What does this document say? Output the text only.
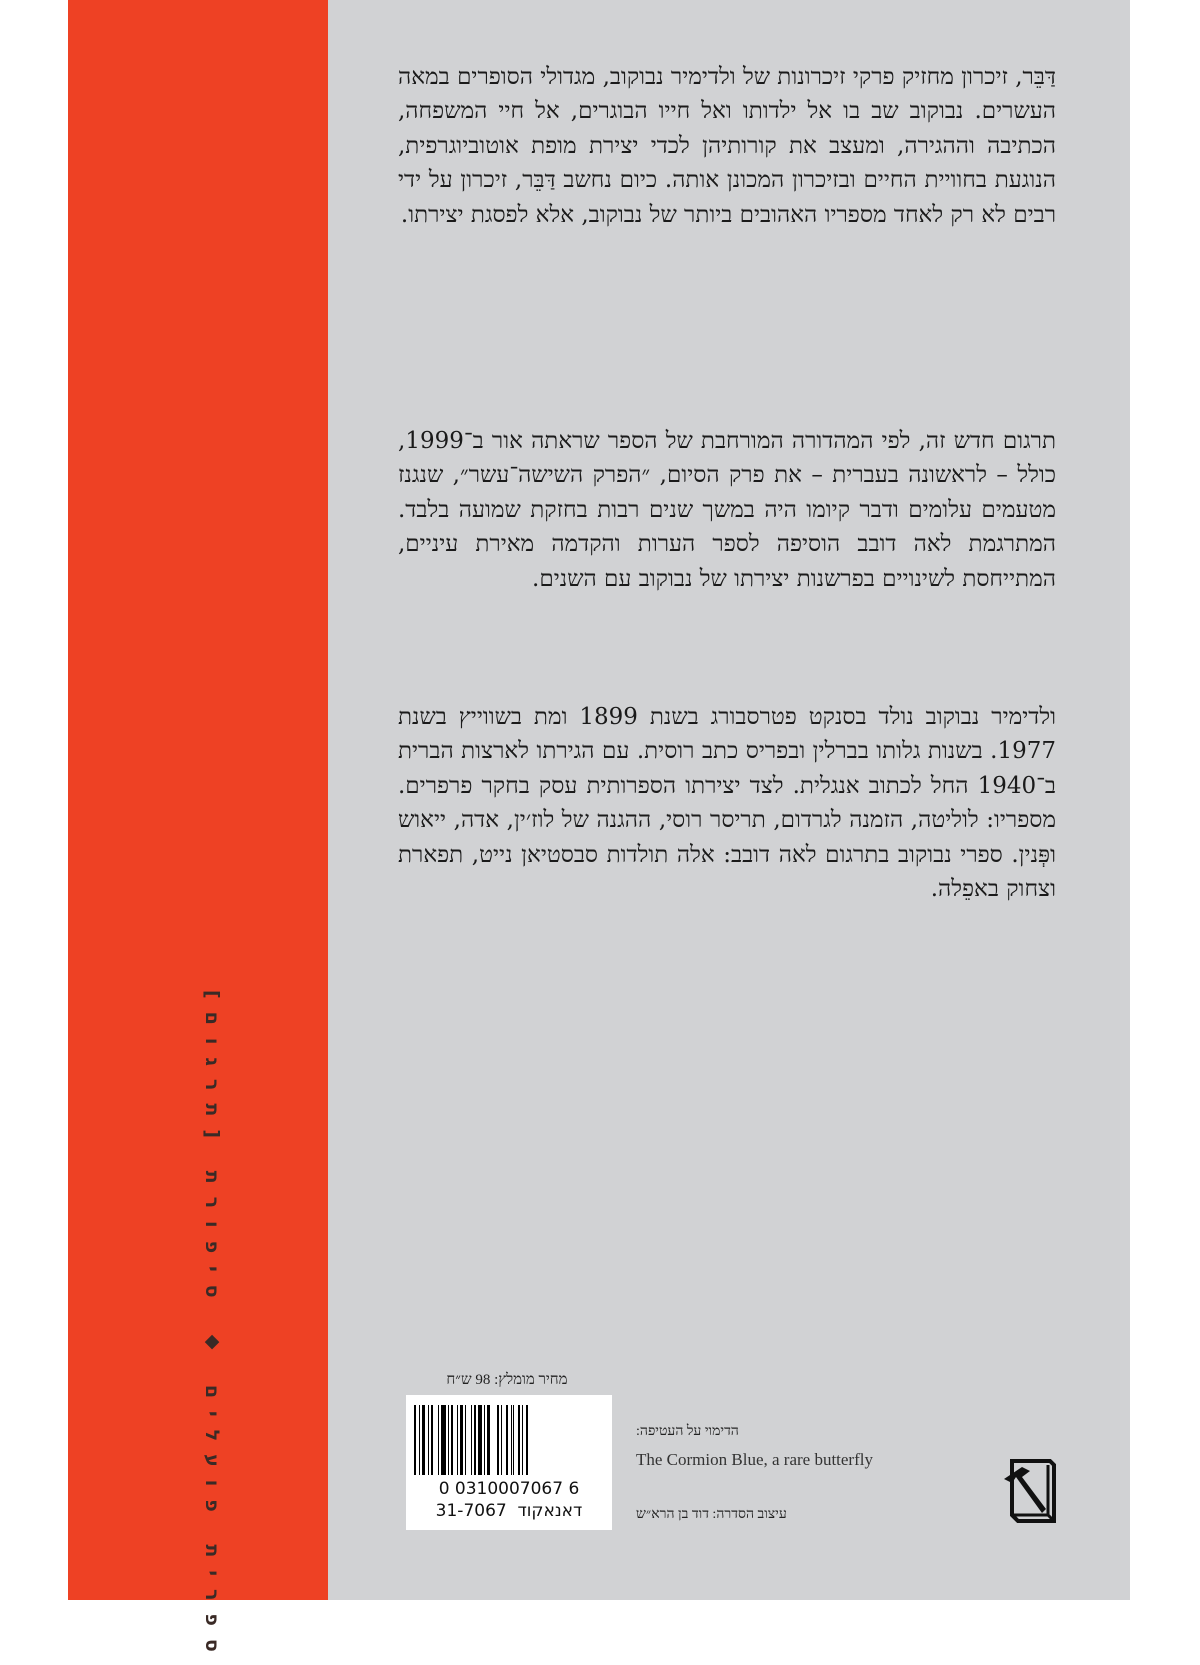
ספרית פועלים ◆ סיפורת [תרגום]

דַּבֵּר, זיכרון מחזיק פרקי זיכרונות של ולדימיר נבוקוב, מגדולי הסופרים במאה העשרים. נבוקוב שב בו אל ילדותו ואל חייו הבוגרים, אל חיי המשפחה, הכתיבה וההגירה, ומעצב את קורותיהן לכדי יצירת מופת אוטוביוגרפית, הנוגעת בחוויית החיים ובזיכרון המכונן אותה. כיום נחשב דַּבֵּר, זיכרון על ידי רבים לא רק לאחד מספריו האהובים ביותר של נבוקוב, אלא לפסגת יצירתו.

תרגום חדש זה, לפי המהדורה המורחבת של הספר שראתה אור ב־1999, כולל – לראשונה בעברית – את פרק הסיום, ״הפרק השישה־עשר״, שנגנז מטעמים עלומים ודבר קיומו היה במשך שנים רבות בחזקת שמועה בלבד. המתרגמת לאה דובב הוסיפה לספר הערות והקדמה מאירת עיניים, המתייחסת לשינויים בפרשנות יצירתו של נבוקוב עם השנים.

ולדימיר נבוקוב נולד בסנקט פטרסבורג בשנת 1899 ומת בשווייץ בשנת 1977. בשנות גלותו בברלין ובפריס כתב רוסית. עם הגירתו לארצות הברית ב־1940 החל לכתוב אנגלית. לצד יצירתו הספרותית עסק בחקר פרפרים. מספריו: לוליטה, הזמנה לגרדום, תריסר רוסי, ההגנה של לוז׳ין, אדה, ייאוש ופְּנין. ספרי נבוקוב בתרגום לאה דובב: אלה תולדות סבסטיאן נייט, תפארת וצחוק באפֵלה.

מחיר מומלץ: 98 ש״ח
0 0310007067 6
31-7067 דאנאקוד
הדימוי על העטיפה:
The Cormion Blue, a rare butterfly
עיצוב הסדרה: דוד בן הרא״ש
